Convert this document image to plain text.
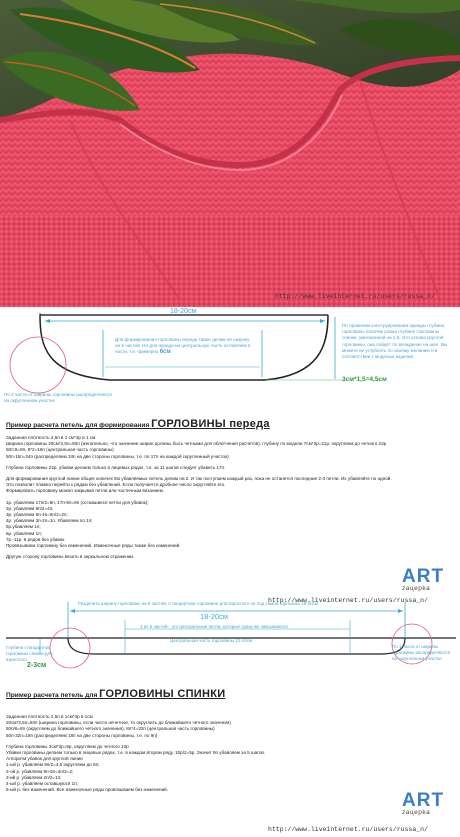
http://www.liveinternet.ru/users/russa_n/
18-20см
Для формирования горловины переда также делим ее ширину на 6 частей. Но для переда на центральную часть оставляем 2 части, т.е. примерно 6см
По правилам конструирования одежды глубина горловины полочки ровна глубине горловины спинки, умноженной на 1,5. Это основа круглой горловины, она пойдёт по вхождение на шее. Вы можете не углублять по своему желанию и в соответствии с моделью изделия.
3см*1,5=4,5см
По 2 части от ширины горловины распределяются на округленном участке
Пример расчета петель для формирования ГОРЛОВИНЫ переда
Заданная плотность 2,5п в 1 см*3р в 1 см
Ширина горловины 20см*2,5п=50п (желательно, что значение ширин должны быть четными для облегчения расчетов), глубину по модели 7см*3р=21р, округляем до четного 22р
50п:6=8п, 8*2=16п (центральная часть горловины)
50п-16п=34п (распределяем 34п на две стороны горловины, т.е. по 17п на каждой скругленный участок)
Глубина горловины 22р, убавки делаем только в лицевых рядах, т.е. за 11 шагов следует убавить 17п.
Для формирования круглой линии общее количество убавляемых петель делим на 2. И так поступаем каждый раз, пока не останется последние 2-3 петли. Их убавляйте по одной.
Это позволит плавно перейти к рядам без убавлений. Если получается дробное число округляйте его.
Формировать горловину можно закрывая петли или частичным вязанием.
1р. убавляем 17п/2=8п, 17п-8п=9п (оставшиеся петли для убавок);
2р. убавляем 9п/2=4п;
3р. убавляем 5п-4п=5п/2=2п;
4р. убавляем 3п-2п=1п. Убавляем по 1п;
5р.убавляем 1п;
6р. убавляем 1п;
7р.-11р. 5 рядов без убавок
Провязываем горловину без изменений. Изменочные ряды также без изменений.
Другую сторону горловины вязать в зеркальном отражении.
ART
zaцepka
http://www.liveinternet.ru/users/russa_n/
Разделить ширину горловины на 6 частей. Стандартная горловина для взрослого не под самое горлышко 18-20см
18-20см
4 из 6 частей - это центральные петли, которые сразу же закрываются
Центральная часть горловины 12-14см
Глубина стандартной горловины спинки для взрослого
2-3см
По 1 части от ширины горловины распределяются на скругленном участке
Пример расчета петель для ГОРЛОВИНЫ СПИНКИ
Заданная плотность 2,5п в 1см*3р в 1см
20см*2,5п=50п (ширина горловины, если число нечетное, то округлить до ближайшего четного значения)
50п/6=8п (округляем до ближайшего четного значения), 8п*4=32п (центральная часть горловины)
50п-32п=18п (распределяем 18п на две стороны горловины, т.е. по 9п)
Глубина горловины 3см*3р=9р, округляем до четного 10р
Убавки горловины делаем только в лицевых рядах, т.е. в каждом втором ряду. 10р/2=5р. Значит 9п убавляем за 5 шагов.
Алгоритм убавок для круглой линии
1-ый р. убавляем 9п/2=4,5 округляем до 5п;
2-ой р. убавляем 9п-5п=4п/2=2;
3-ий р. убавляем 2п/2=1п;
4-ый р. убавляем оставшуюся 1п;
5-ый р. без изменений. Все изменочные ряды провязываем без изменений.
ART
zaцepka
http://www.liveinternet.ru/users/russa_n/
